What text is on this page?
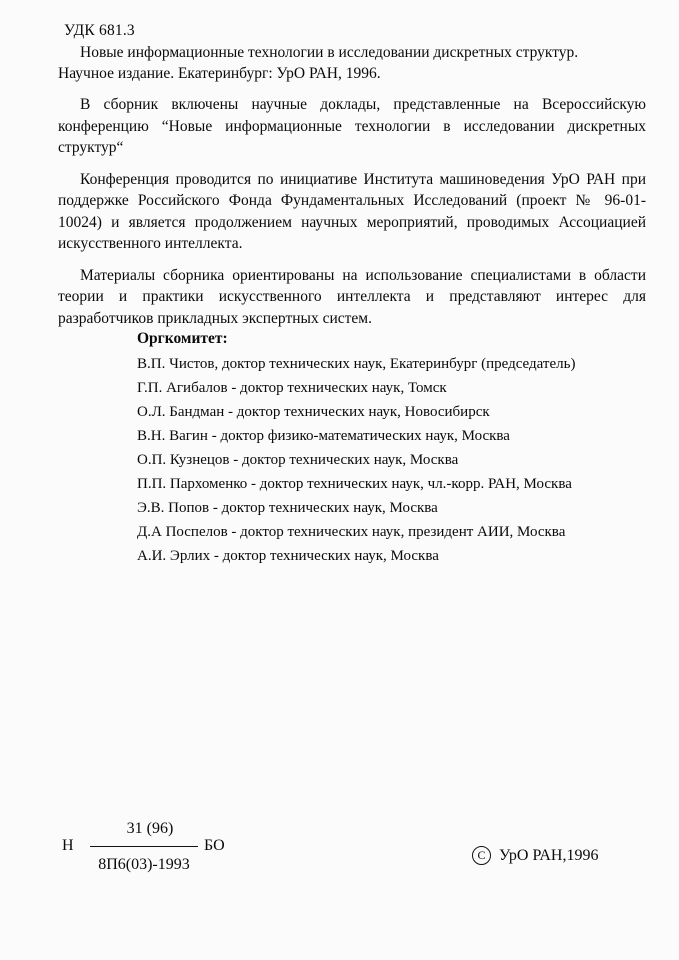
УДК 681.3
Новые информационные технологии в исследовании дискретных структур.
Научное издание. Екатеринбург: УрО РАН, 1996.
В сборник включены научные доклады, представленные на Всероссийскую конференцию “Новые информационные технологии в исследовании дискретных структур“
Конференция проводится по инициативе Института машиноведения УрО РАН при поддержке Российского Фонда Фундаментальных Исследований (проект № 96-01-10024) и является продолжением научных мероприятий, проводимых Ассоциацией искусственного интеллекта.
Материалы сборника ориентированы на использование специалистами в области теории и практики искусственного интеллекта и представляют интерес для разработчиков прикладных экспертных систем.
Оргкомитет:
В.П. Чистов, доктор технических наук, Екатеринбург (председатель)
Г.П. Агибалов - доктор технических наук, Томск
О.Л. Бандман - доктор технических наук, Новосибирск
В.Н. Вагин - доктор физико-математических наук, Москва
О.П. Кузнецов - доктор технических наук, Москва
П.П. Пархоменко - доктор технических наук, чл.-корр. РАН, Москва
Э.В. Попов - доктор технических наук, Москва
Д.А Поспелов - доктор технических наук, президент АИИ, Москва
А.И. Эрлих - доктор технических наук, Москва
31 (96)
Н	БО
8П6(03)-1993
C УрО РАН,1996
